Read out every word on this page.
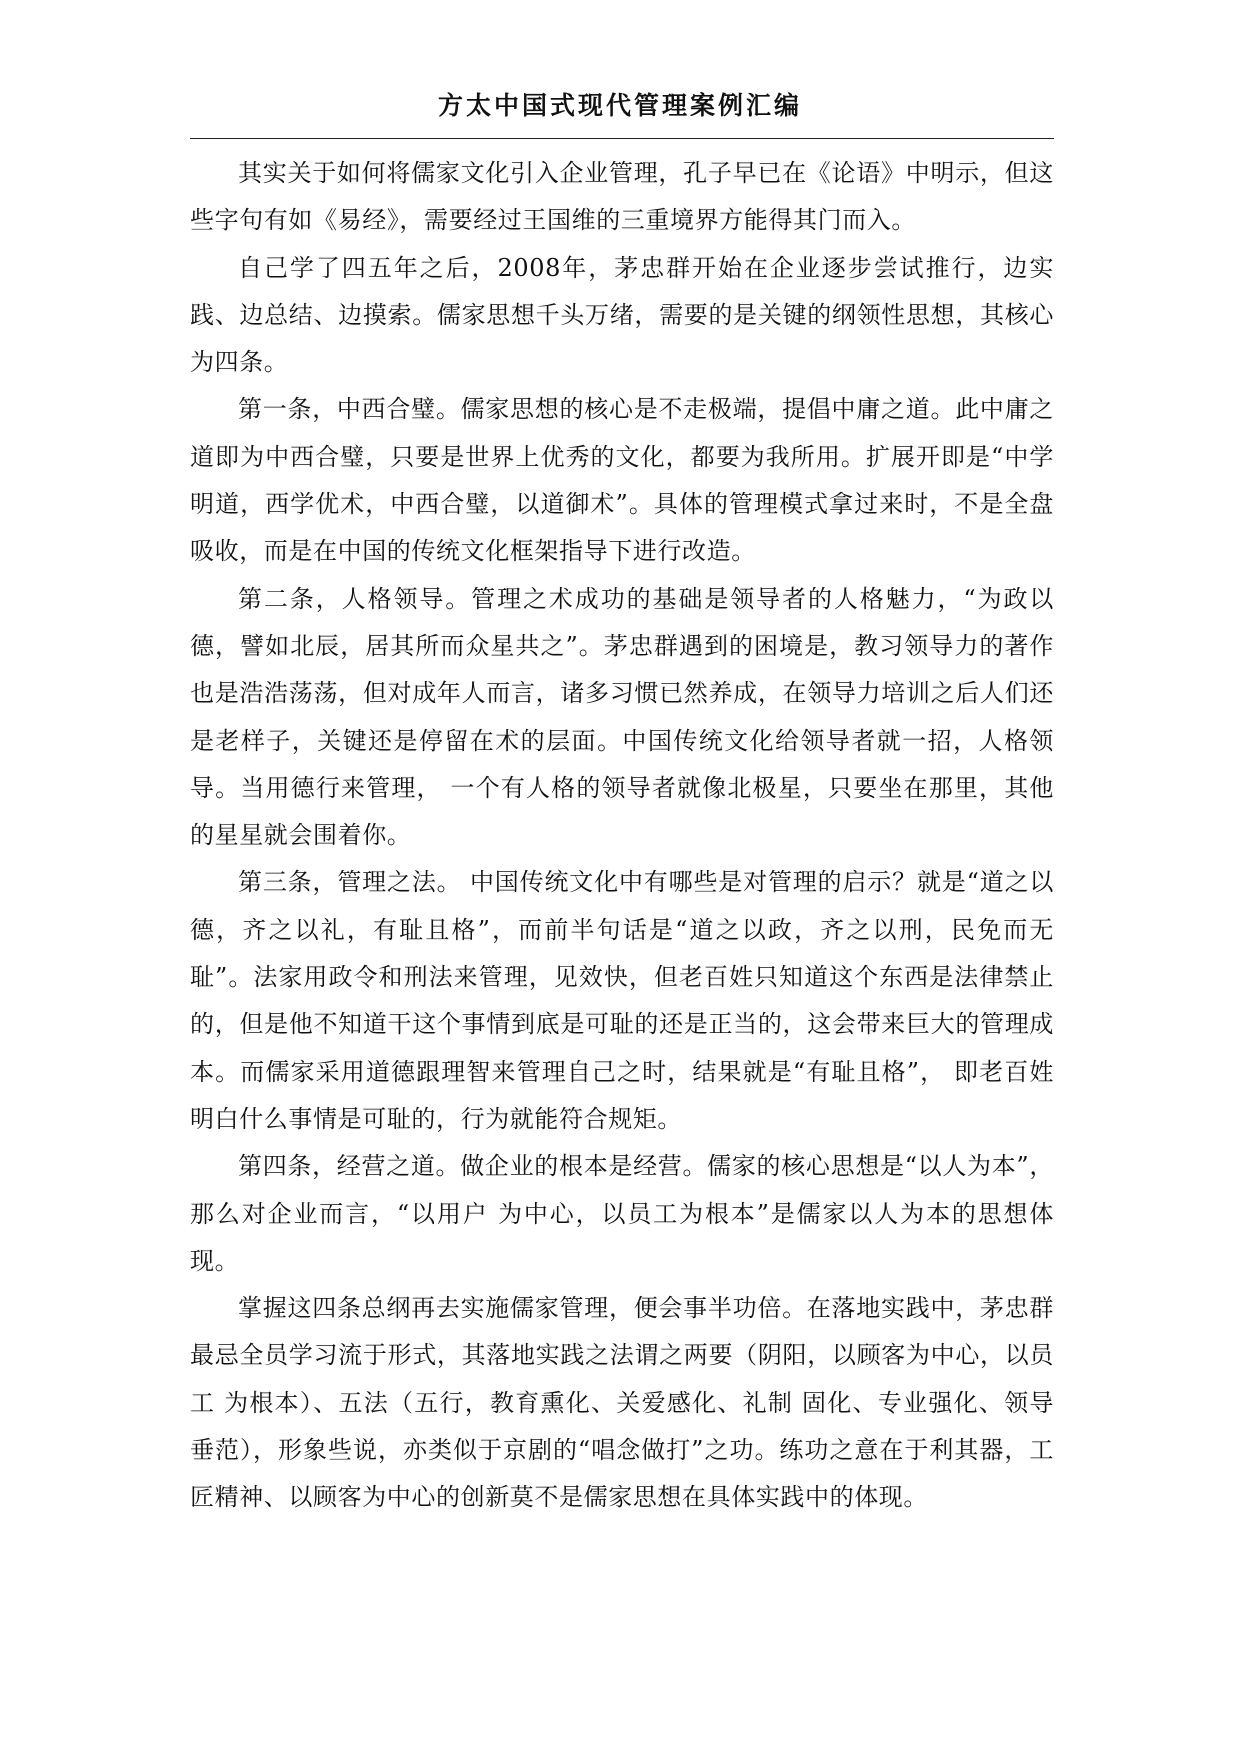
方太中国式现代管理案例汇编

其实关于如何将儒家文化引入企业管理，孔子早已在《论语》中明示，但这些字句有如《易经》，需要经过王国维的三重境界方能得其门而入。

自己学了四五年之后，2008年，茅忠群开始在企业逐步尝试推行，边实践、边总结、边摸索。儒家思想千头万绪，需要的是关键的纲领性思想，其核心为四条。

第一条，中西合璧。儒家思想的核心是不走极端，提倡中庸之道。此中庸之道即为中西合璧，只要是世界上优秀的文化，都要为我所用。扩展开即是“中学明道，西学优术，中西合璧，以道御术”。具体的管理模式拿过来时，不是全盘吸收，而是在中国的传统文化框架指导下进行改造。

第二条，人格领导。管理之术成功的基础是领导者的人格魅力，“为政以德，譬如北辰，居其所而众星共之”。茅忠群遇到的困境是，教习领导力的著作也是浩浩荡荡，但对成年人而言，诸多习惯已然养成，在领导力培训之后人们还是老样子，关键还是停留在术的层面。中国传统文化给领导者就一招，人格领导。当用德行来管理， 一个有人格的领导者就像北极星，只要坐在那里，其他的星星就会围着你。

第三条，管理之法。 中国传统文化中有哪些是对管理的启示？就是“道之以德，齐之以礼，有耻且格”，而前半句话是“道之以政，齐之以刑，民免而无耻”。法家用政令和刑法来管理，见效快，但老百姓只知道这个东西是法律禁止的，但是他不知道干这个事情到底是可耻的还是正当的，这会带来巨大的管理成本。而儒家采用道德跟理智来管理自己之时，结果就是“有耻且格”， 即老百姓明白什么事情是可耻的，行为就能符合规矩。

第四条，经营之道。做企业的根本是经营。儒家的核心思想是“以人为本”，那么对企业而言，“以用户 为中心，以员工为根本”是儒家以人为本的思想体现。

掌握这四条总纲再去实施儒家管理，便会事半功倍。在落地实践中，茅忠群最忌全员学习流于形式，其落地实践之法谓之两要（阴阳，以顾客为中心，以员工 为根本）、五法（五行，教育熏化、关爱感化、礼制 固化、专业强化、领导垂范），形象些说，亦类似于京剧的“唱念做打”之功。练功之意在于利其器，工匠精神、以顾客为中心的创新莫不是儒家思想在具体实践中的体现。
